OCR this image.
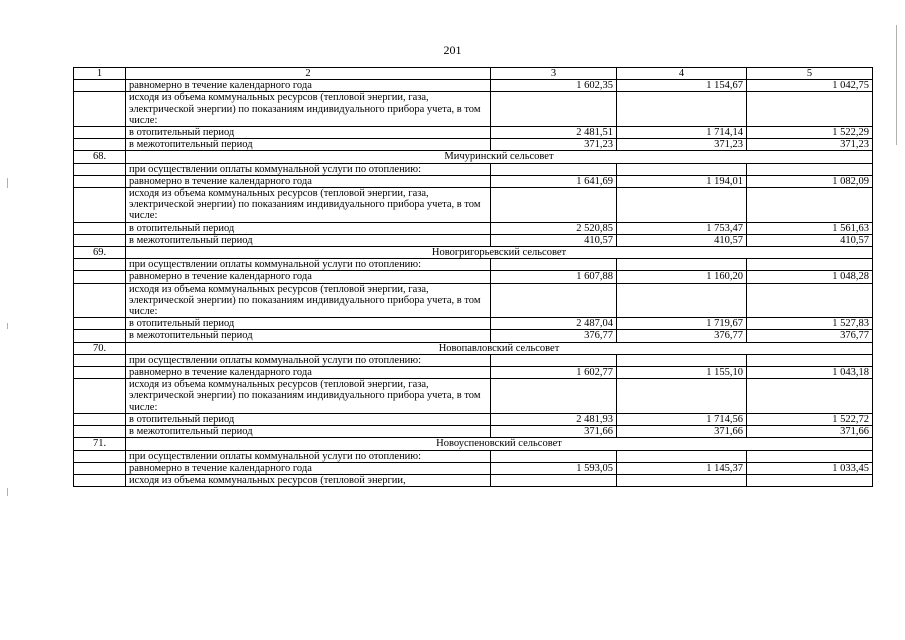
201
1	2	3	4	5
	равномерно в течение календарного года	1 602,35	1 154,67	1 042,75
	исходя из объема коммунальных ресурсов (тепловой энергии, газа, электрической энергии) по показаниям индивидуального прибора учета, в том числе:			
	в отопительный период	2 481,51	1 714,14	1 522,29
	в межотопительный период	371,23	371,23	371,23
68.	Мичуринский сельсовет			
	при осуществлении оплаты коммунальной услуги по отоплению:			
	равномерно в течение календарного года	1 641,69	1 194,01	1 082,09
	исходя из объема коммунальных ресурсов (тепловой энергии, газа, электрической энергии) по показаниям индивидуального прибора учета, в том числе:			
	в отопительный период	2 520,85	1 753,47	1 561,63
	в межотопительный период	410,57	410,57	410,57
69.	Новогригорьевский сельсовет			
	при осуществлении оплаты коммунальной услуги по отоплению:			
	равномерно в течение календарного года	1 607,88	1 160,20	1 048,28
	исходя из объема коммунальных ресурсов (тепловой энергии, газа, электрической энергии) по показаниям индивидуального прибора учета, в том числе:			
	в отопительный период	2 487,04	1 719,67	1 527,83
	в межотопительный период	376,77	376,77	376,77
70.	Новопавловский сельсовет			
	при осуществлении оплаты коммунальной услуги по отоплению:			
	равномерно в течение календарного года	1 602,77	1 155,10	1 043,18
	исходя из объема коммунальных ресурсов (тепловой энергии, газа, электрической энергии) по показаниям индивидуального прибора учета, в том числе:			
	в отопительный период	2 481,93	1 714,56	1 522,72
	в межотопительный период	371,66	371,66	371,66
71.	Новоуспеновский сельсовет			
	при осуществлении оплаты коммунальной услуги по отоплению:			
	равномерно в течение календарного года	1 593,05	1 145,37	1 033,45
	исходя из объема коммунальных ресурсов (тепловой энергии,			
